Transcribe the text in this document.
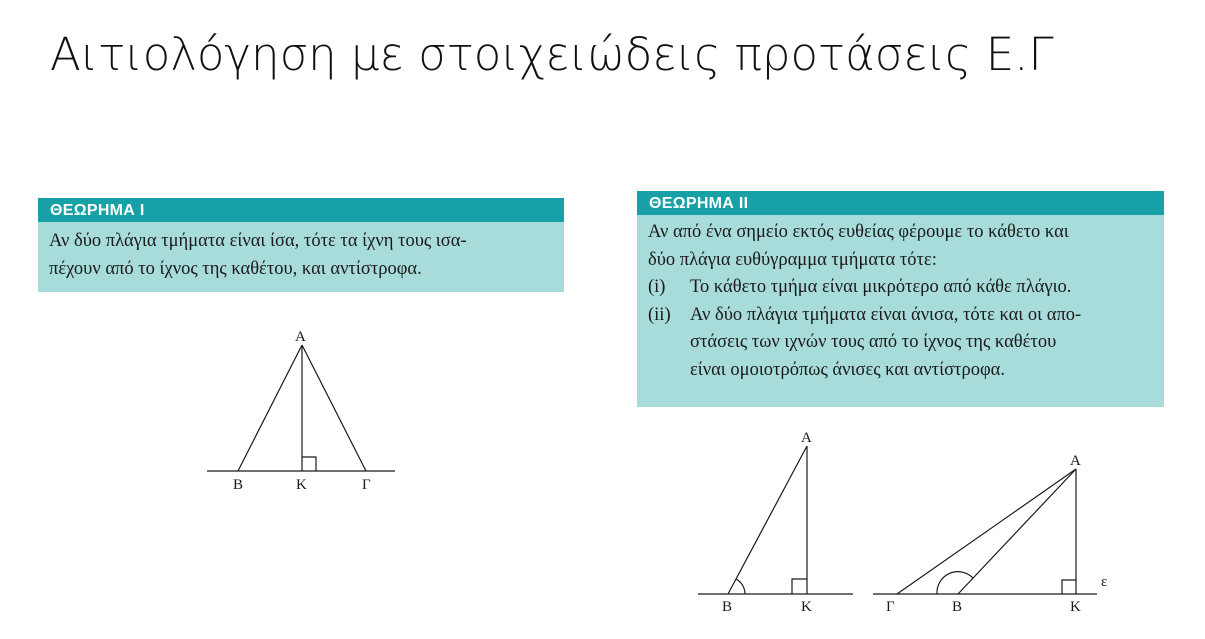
Αιτιολόγηση με στοιχειώδεις προτάσεις Ε.Γ
ΘΕΩΡΗΜΑ Ι
Αν δύο πλάγια τμήματα είναι ίσα, τότε τα ίχνη τους ισα-
πέχουν από το ίχνος της καθέτου, και αντίστροφα.
ΘΕΩΡΗΜΑ ΙΙ
Αν από ένα σημείο εκτός ευθείας φέρουμε το κάθετο και
δύο πλάγια ευθύγραμμα τμήματα τότε:
(i)	Το κάθετο τμήμα είναι μικρότερο από κάθε πλάγιο.
(ii)	Αν δύο πλάγια τμήματα είναι άνισα, τότε και οι απο-
στάσεις των ιχνών τους από το ίχνος της καθέτου
είναι ομοιοτρόπως άνισες και αντίστροφα.
Α
Β	Κ	Γ
Α
Β	Κ
Α
Γ	Β	Κ
ε
